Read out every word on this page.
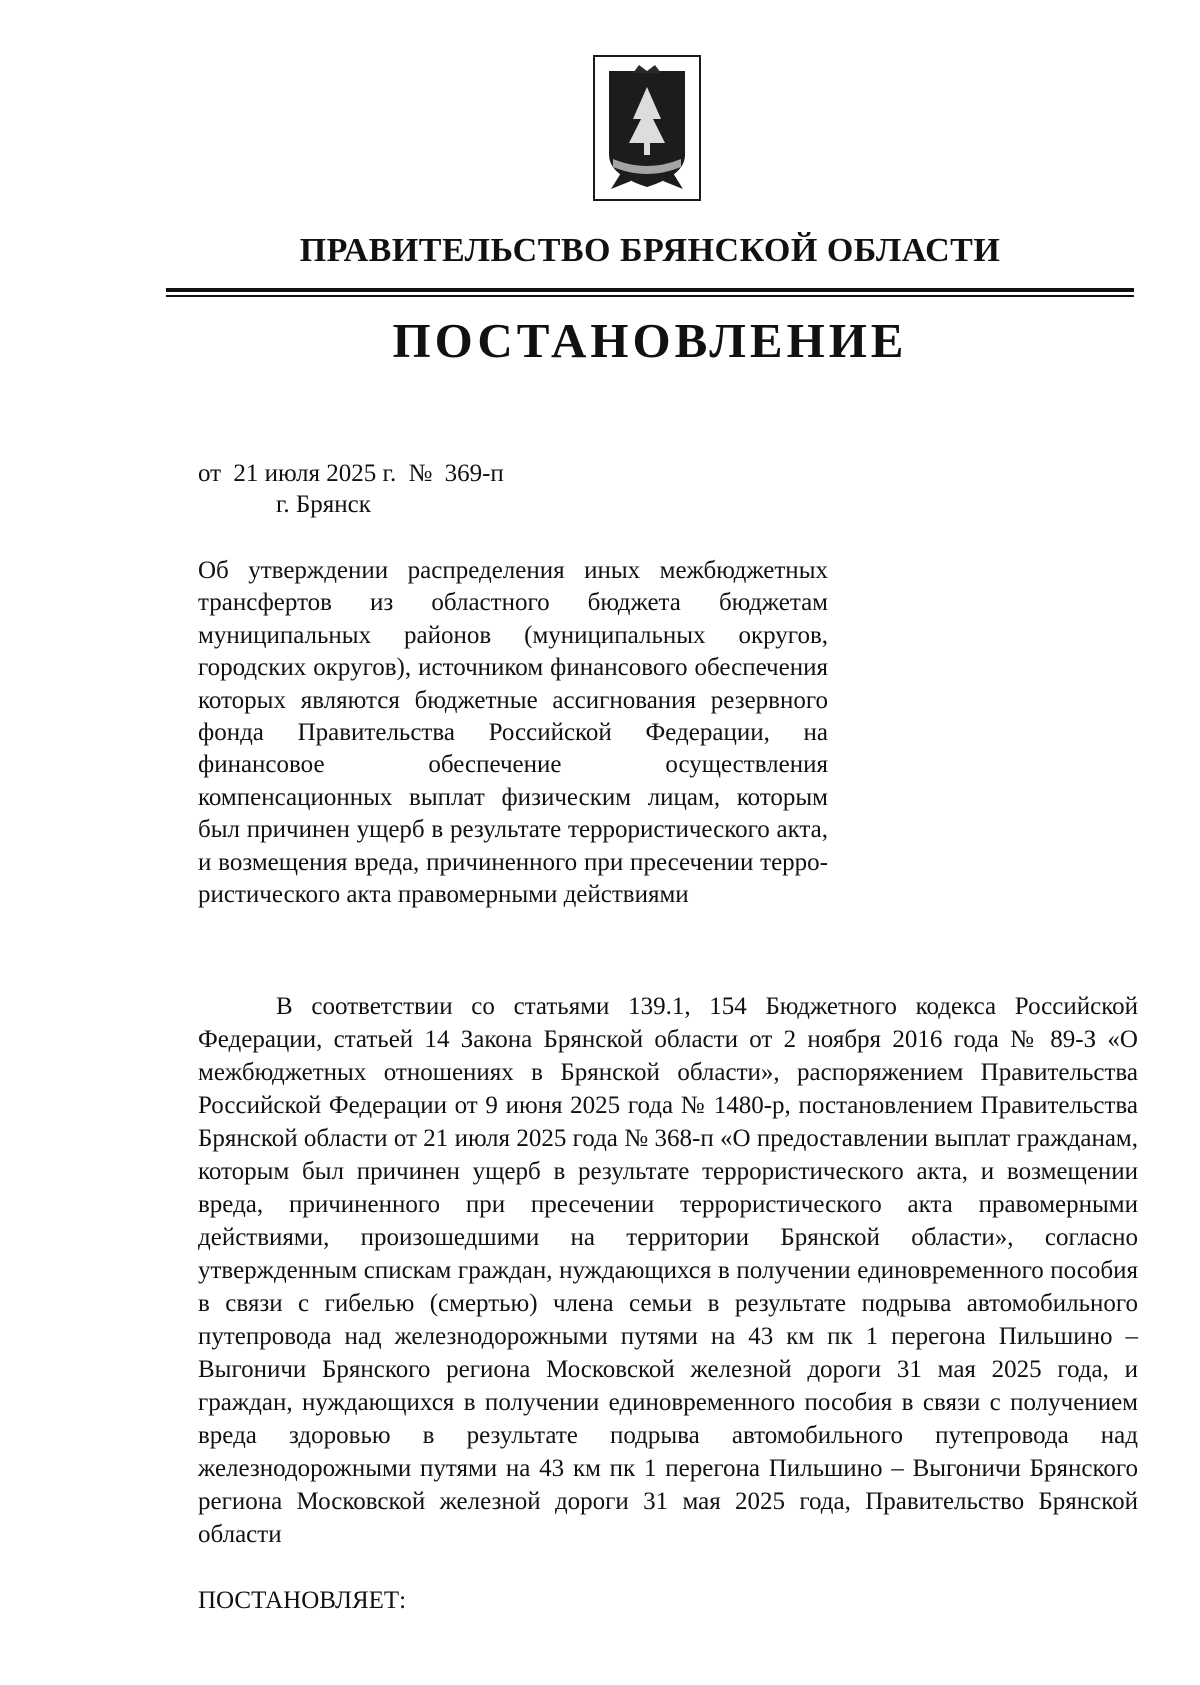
ПРАВИТЕЛЬСТВО БРЯНСКОЙ ОБЛАСТИ
ПОСТАНОВЛЕНИЕ
от 21 июля 2025 г. № 369-п
г. Брянск
Об утверждении распределения иных межбюджетных трансфертов из областного бюджета бюджетам муниципальных районов (муниципальных округов, городских округов), источником финансового обеспечения которых являются бюджетные ассигнования резервного фонда Правительства Российской Федерации, на финансовое обеспечение осуществления компенсационных выплат физическим лицам, которым был причинен ущерб в результате террористического акта, и возмещения вреда, причиненного при пресечении террористического акта правомерными действиями

В соответствии со статьями 139.1, 154 Бюджетного кодекса Российской Федерации, статьей 14 Закона Брянской области от 2 ноября 2016 года № 89-З «О межбюджетных отношениях в Брянской области», распоряжением Правительства Российской Федерации от 9 июня 2025 года № 1480-р, постановлением Правительства Брянской области от 21 июля 2025 года № 368-п «О предоставлении выплат гражданам, которым был причинен ущерб в результате террористического акта, и возмещении вреда, причиненного при пресечении террористического акта правомерными действиями, произошедшими на территории Брянской области», согласно утвержденным спискам граждан, нуждающихся в получении единовременного пособия в связи с гибелью (смертью) члена семьи в результате подрыва автомобильного путепровода над железнодорожными путями на 43 км пк 1 перегона Пильшино – Выгоничи Брянского региона Московской железной дороги 31 мая 2025 года, и граждан, нуждающихся в получении единовременного пособия в связи с получением вреда здоровью в результате подрыва автомобильного путепровода над железнодорожными путями на 43 км пк 1 перегона Пильшино – Выгоничи Брянского региона Московской железной дороги 31 мая 2025 года, Правительство Брянской области

ПОСТАНОВЛЯЕТ:
